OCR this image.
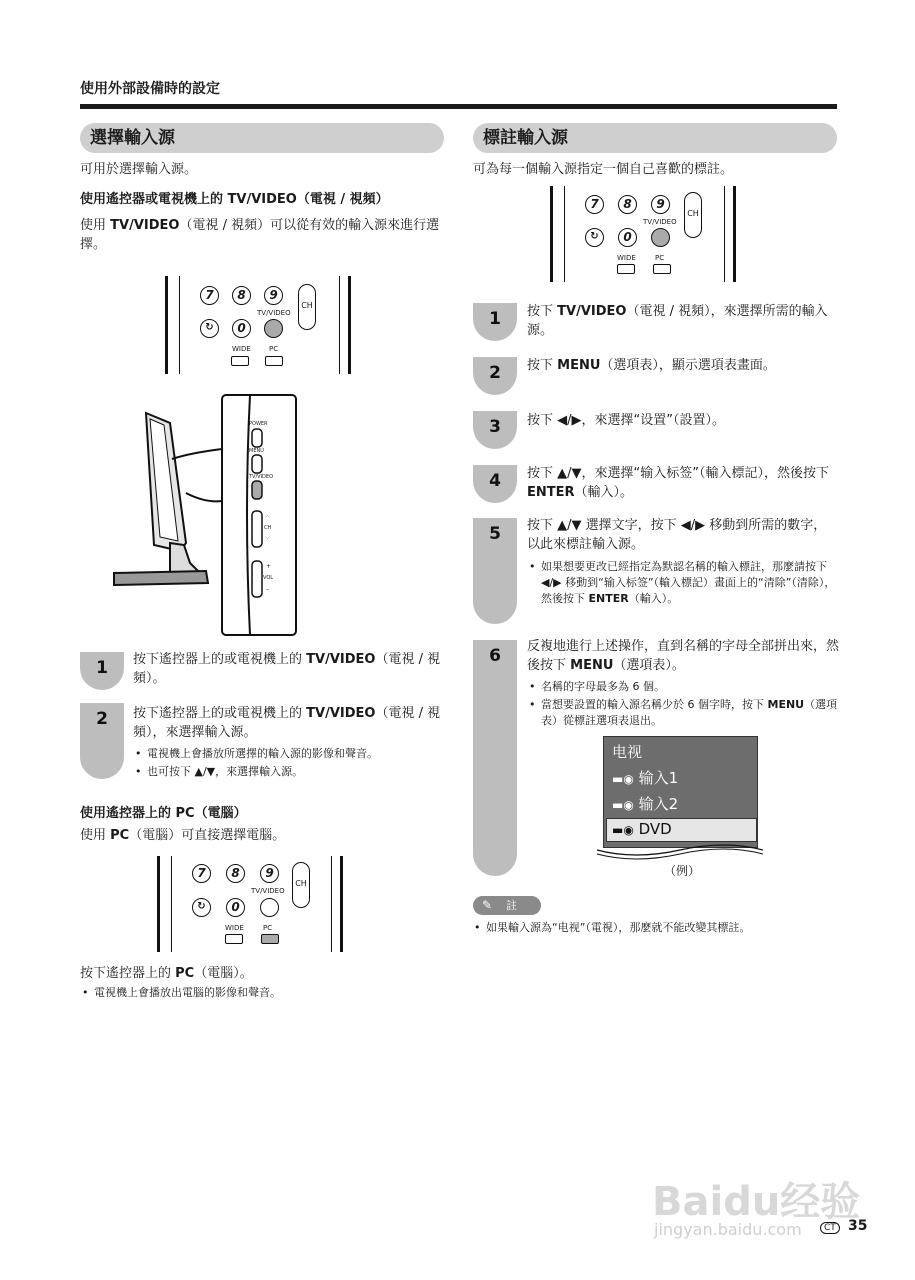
使用外部設備時的設定
選擇輸入源
可用於選擇輸入源。
使用遙控器或電視機上的 TV/VIDEO（電視 / 視頻）
使用 TV/VIDEO（電視 / 視頻）可以從有效的輸入源來進行選擇。
7	8	9
CH
↻	0
TV/VIDEO
WIDE	PC
POWER
MENU
TV/VIDEO
︿
CH
﹀
+
VOL
–
1	按下遙控器上的或電視機上的 TV/VIDEO（電視 / 視頻）。
2	按下遙控器上的或電視機上的 TV/VIDEO（電視 / 視頻），來選擇輸入源。
• 電視機上會播放所選擇的輸入源的影像和聲音。
• 也可按下 ▲/▼，來選擇輸入源。
使用遙控器上的 PC（電腦）
使用 PC（電腦）可直接選擇電腦。
7	8	9
CH
↻	0
TV/VIDEO
WIDE	PC
按下遙控器上的 PC（電腦）。
• 電視機上會播放出電腦的影像和聲音。
標註輸入源
可為每一個輸入源指定一個自己喜歡的標註。
7	8	9
CH
↻	0
TV/VIDEO
WIDE	PC
1	按下 TV/VIDEO（電視 / 視頻），來選擇所需的輸入源。
2	按下 MENU（選項表），顯示選項表畫面。
3	按下 ◀/▶，來選擇“设置”（設置）。
4	按下 ▲/▼，來選擇“输入标签”（輸入標記），然後按下 ENTER（輸入）。
5	按下 ▲/▼ 選擇文字，按下 ◀/▶ 移動到所需的數字，以此來標註輸入源。
• 如果想要更改已經指定為默認名稱的輸入標註，那麼請按下 ◀/▶ 移動到“输入标签”（輸入標記）畫面上的“清除”（清除），然後按下 ENTER（輸入）。
6	反複地進行上述操作，直到名稱的字母全部拼出來，然後按下 MENU（選項表）。
• 名稱的字母最多為 6 個。
• 當想要設置的輸入源名稱少於 6 個字時，按下 MENU（選項表）從標註選項表退出。
电视
▬◉ 输入1
▬◉ 输入2
▬◉ DVD
（例）
✎ 註
• 如果輸入源為“电视”（電視），那麼就不能改變其標註。
Baidu经验
jingyan.baidu.com	CT 35
